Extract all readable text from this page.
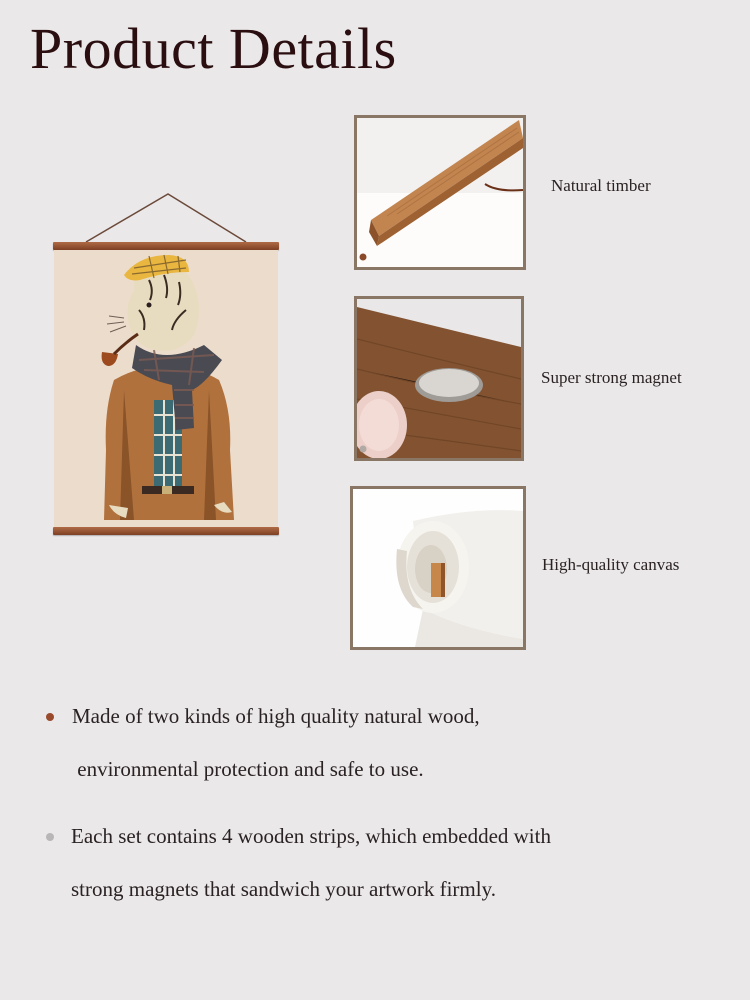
Product Details
Natural timber
Super strong magnet
High-quality canvas
Made of two kinds of high quality natural wood,
environmental protection and safe to use.
Each set contains 4 wooden strips, which embedded with
strong magnets that sandwich your artwork firmly.
